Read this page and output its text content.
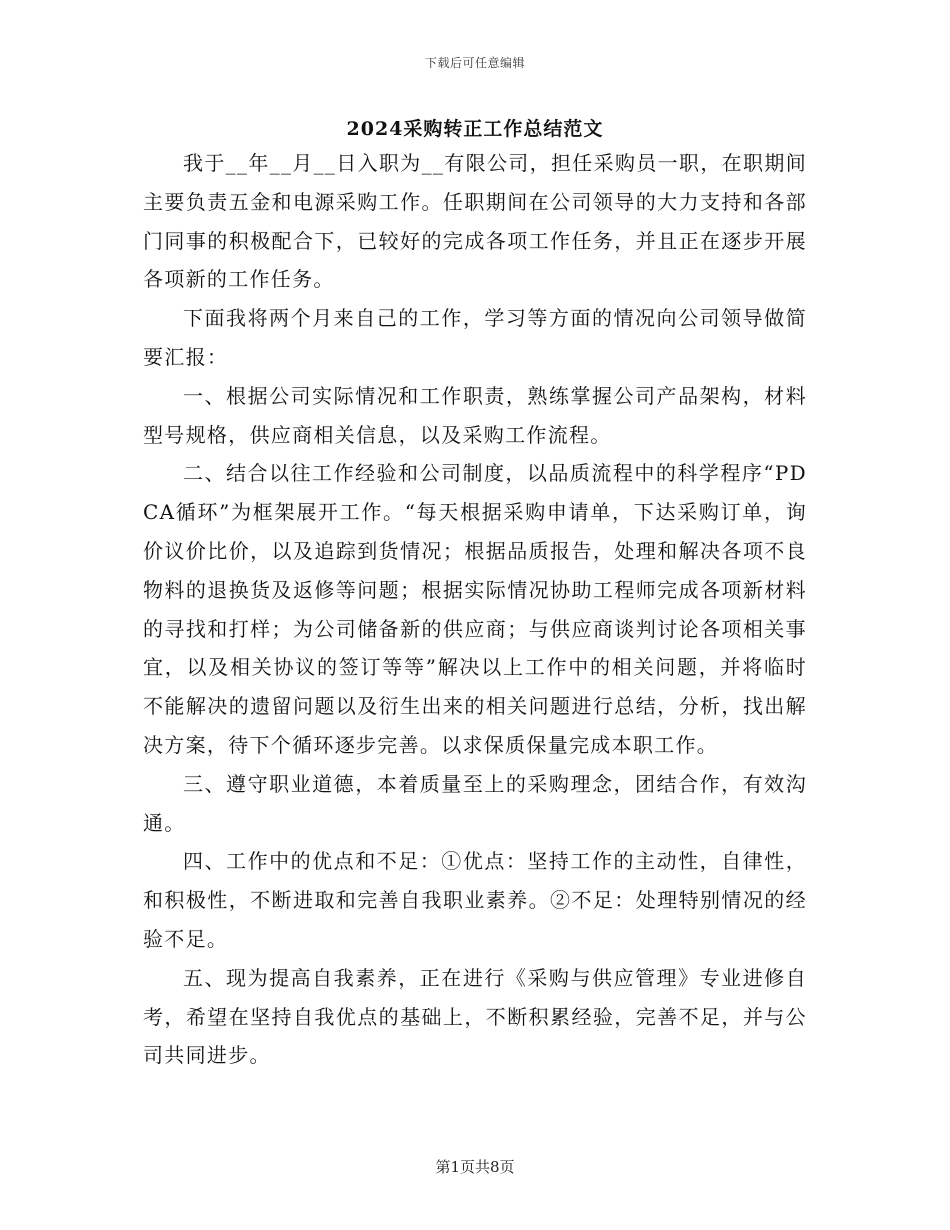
下载后可任意编辑
2024采购转正工作总结范文

我于__年__月__日入职为__有限公司，担任采购员一职，在职期间主要负责五金和电源采购工作。任职期间在公司领导的大力支持和各部门同事的积极配合下，已较好的完成各项工作任务，并且正在逐步开展各项新的工作任务。

下面我将两个月来自己的工作，学习等方面的情况向公司领导做简要汇报：

一、根据公司实际情况和工作职责，熟练掌握公司产品架构，材料型号规格，供应商相关信息，以及采购工作流程。

二、结合以往工作经验和公司制度，以品质流程中的科学程序“PDCA循环”为框架展开工作。“每天根据采购申请单，下达采购订单，询价议价比价，以及追踪到货情况；根据品质报告，处理和解决各项不良物料的退换货及返修等问题；根据实际情况协助工程师完成各项新材料的寻找和打样；为公司储备新的供应商；与供应商谈判讨论各项相关事宜，以及相关协议的签订等等”解决以上工作中的相关问题，并将临时不能解决的遗留问题以及衍生出来的相关问题进行总结，分析，找出解决方案，待下个循环逐步完善。以求保质保量完成本职工作。

三、遵守职业道德，本着质量至上的采购理念，团结合作，有效沟通。

四、工作中的优点和不足：①优点：坚持工作的主动性，自律性，和积极性，不断进取和完善自我职业素养。②不足：处理特别情况的经验不足。

五、现为提高自我素养，正在进行《采购与供应管理》专业进修自考，希望在坚持自我优点的基础上，不断积累经验，完善不足，并与公司共同进步。

第1页共8页
